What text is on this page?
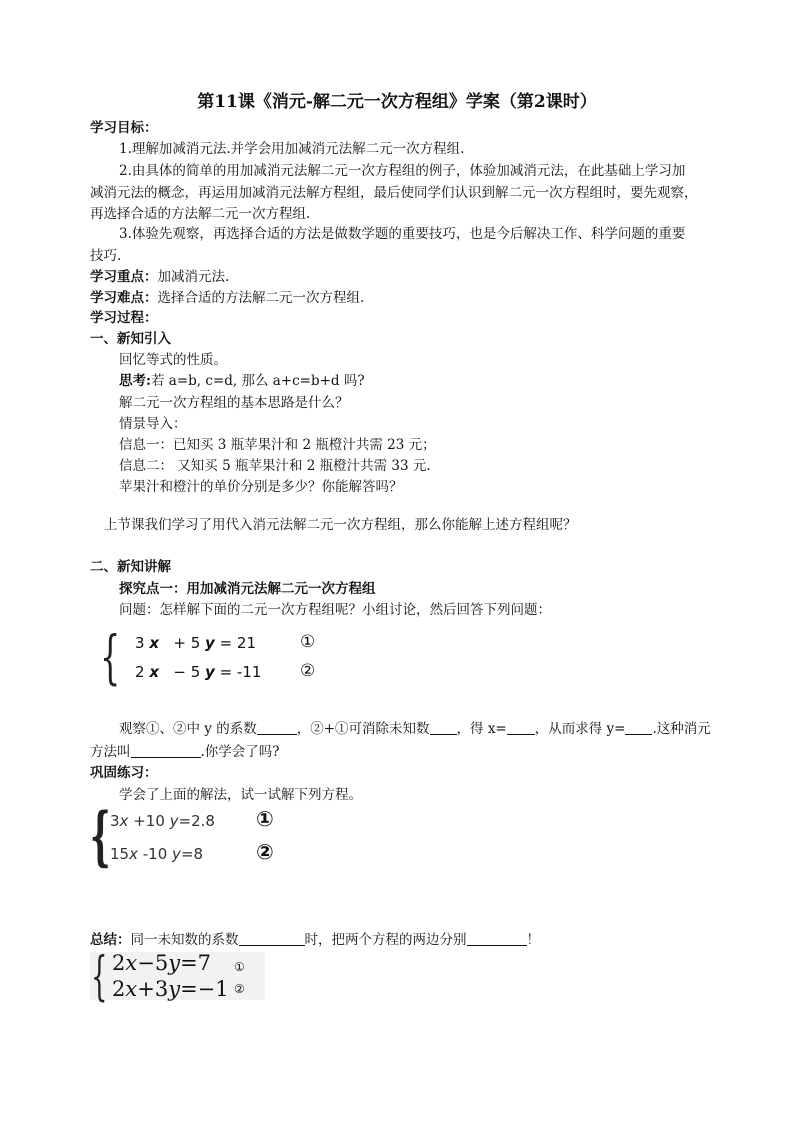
第11课《消元-解二元一次方程组》学案（第2课时）
学习目标：
1.理解加减消元法.并学会用加减消元法解二元一次方程组.
2.由具体的简单的用加减消元法解二元一次方程组的例子，体验加减消元法，在此基础上学习加
减消元法的概念，再运用加减消元法解方程组，最后使同学们认识到解二元一次方程组时，要先观察，
再选择合适的方法解二元一次方程组.
3.体验先观察，再选择合适的方法是做数学题的重要技巧，也是今后解决工作、科学问题的重要
技巧.
学习重点：加减消元法.
学习难点：选择合适的方法解二元一次方程组.
学习过程：
一、新知引入
回忆等式的性质。
思考:若 a=b, c=d, 那么 a+c=b+d 吗?
解二元一次方程组的基本思路是什么？
情景导入：
信息一：已知买 3 瓶苹果汁和 2 瓶橙汁共需 23 元；
信息二： 又知买 5 瓶苹果汁和 2 瓶橙汁共需 33 元.
苹果汁和橙汁的单价分别是多少？你能解答吗？
上节课我们学习了用代入消元法解二元一次方程组，那么你能解上述方程组呢？
二、新知讲解
探究点一：用加减消元法解二元一次方程组
问题：怎样解下面的二元一次方程组呢？小组讨论，然后回答下列问题：
{ 3 x + 5 y = 21	①
2 x − 5 y = -11 ②
观察①、②中 y 的系数	，②+①可消除未知数 ，得 x= ，从而求得 y= .这种消元
方法叫	.你学会了吗?
巩固练习：
学会了上面的解法，试一试解下列方程。
{ 3x +10 y=2.8 ①
15x -10 y=8	②
总结：同一未知数的系数	时，把两个方程的两边分别	！
{ 2x−5y=7 ①
2x+3y=−1 ②
